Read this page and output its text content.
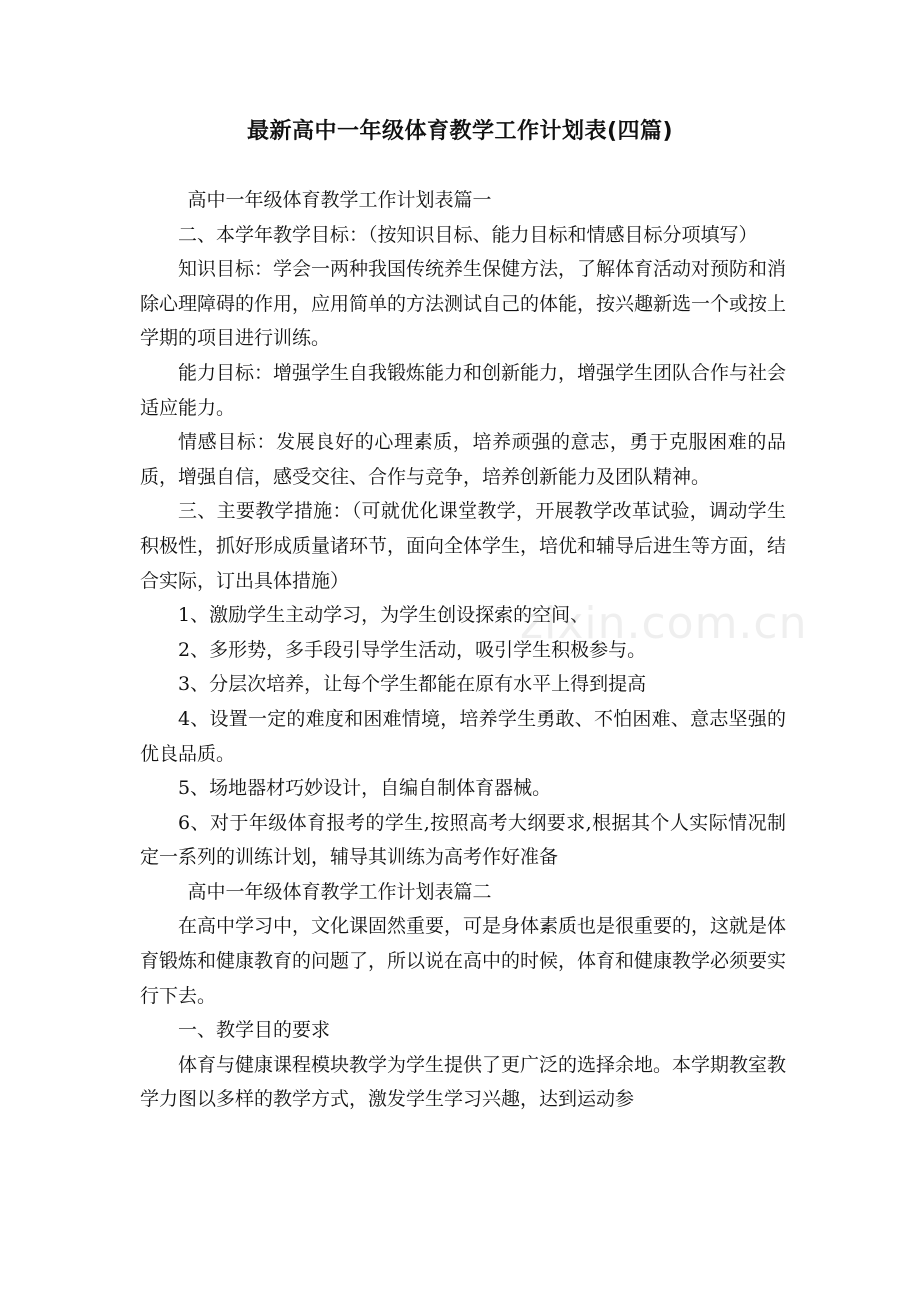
最新高中一年级体育教学工作计划表(四篇)

高中一年级体育教学工作计划表篇一

二、本学年教学目标：（按知识目标、能力目标和情感目标分项填写）

知识目标：学会一两种我国传统养生保健方法，了解体育活动对预防和消除心理障碍的作用，应用简单的方法测试自己的体能，按兴趣新选一个或按上学期的项目进行训练。

能力目标：增强学生自我锻炼能力和创新能力，增强学生团队合作与社会适应能力。

情感目标：发展良好的心理素质，培养顽强的意志，勇于克服困难的品质，增强自信，感受交往、合作与竞争，培养创新能力及团队精神。

三、主要教学措施：（可就优化课堂教学，开展教学改革试验，调动学生积极性，抓好形成质量诸环节，面向全体学生，培优和辅导后进生等方面，结合实际，订出具体措施）

1、激励学生主动学习，为学生创设探索的空间、

2、多形势，多手段引导学生活动，吸引学生积极参与。

3、分层次培养，让每个学生都能在原有水平上得到提高

4、设置一定的难度和困难情境，培养学生勇敢、不怕困难、意志坚强的优良品质。

5、场地器材巧妙设计，自编自制体育器械。

6、对于年级体育报考的学生,按照高考大纲要求,根据其个人实际情况制定一系列的训练计划，辅导其训练为高考作好准备

高中一年级体育教学工作计划表篇二

在高中学习中，文化课固然重要，可是身体素质也是很重要的，这就是体育锻炼和健康教育的问题了，所以说在高中的时候，体育和健康教学必须要实行下去。

一、教学目的要求

体育与健康课程模块教学为学生提供了更广泛的选择余地。本学期教室教学力图以多样的教学方式，激发学生学习兴趣，达到运动参

zixin.com.cn
